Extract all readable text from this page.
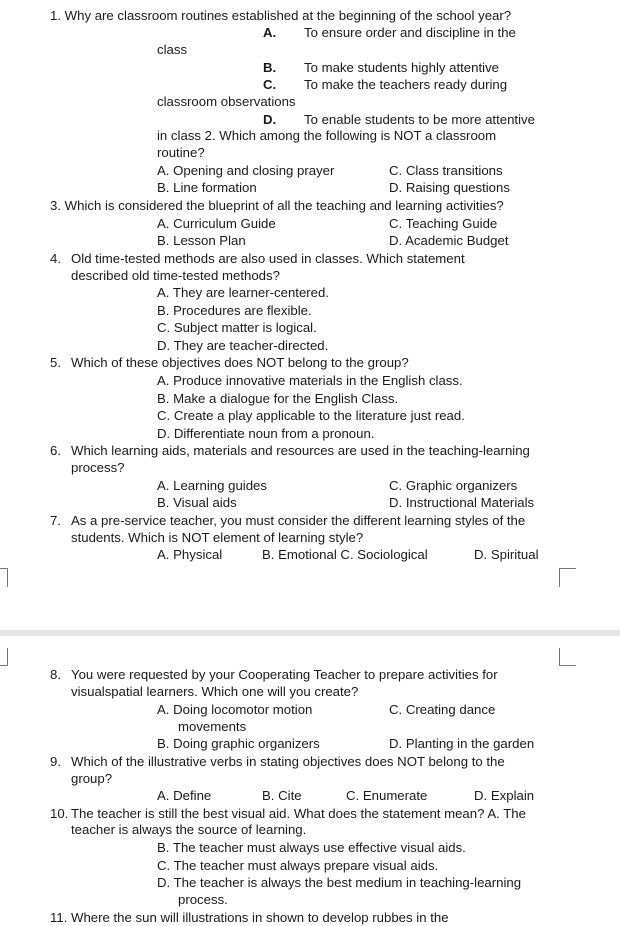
1. Why are classroom routines established at the beginning of the school year?
A. To ensure order and discipline in the
class
B. To make students highly attentive
C. To make the teachers ready during
classroom observations
D. To enable students to be more attentive
in class 2. Which among the following is NOT a classroom
routine?
A. Opening and closing prayer	C. Class transitions
B. Line formation	D. Raising questions
3. Which is considered the blueprint of all the teaching and learning activities?
A. Curriculum Guide	C. Teaching Guide
B. Lesson Plan	D. Academic Budget
4. Old time-tested methods are also used in classes. Which statement
described old time-tested methods?
A. They are learner-centered.
B. Procedures are flexible.
C. Subject matter is logical.
D. They are teacher-directed.
5. Which of these objectives does NOT belong to the group?
A. Produce innovative materials in the English class.
B. Make a dialogue for the English Class.
C. Create a play applicable to the literature just read.
D. Differentiate noun from a pronoun.
6. Which learning aids, materials and resources are used in the teaching-learning
process?
A. Learning guides	C. Graphic organizers
B. Visual aids	D. Instructional Materials
7. As a pre-service teacher, you must consider the different learning styles of the
students. Which is NOT element of learning style?
A. Physical	B. Emotional C. Sociological	D. Spiritual
8. You were requested by your Cooperating Teacher to prepare activities for
visualspatial learners. Which one will you create?
A. Doing locomotor motion	C. Creating dance
movements
B. Doing graphic organizers	D. Planting in the garden
9. Which of the illustrative verbs in stating objectives does NOT belong to the
group?
A. Define	B. Cite	C. Enumerate	D. Explain
10. The teacher is still the best visual aid. What does the statement mean? A. The
teacher is always the source of learning.
B. The teacher must always use effective visual aids.
C. The teacher must always prepare visual aids.
D. The teacher is always the best medium in teaching-learning
process.
11. Where the sun will illustrations in shown to develop rubbes in the
